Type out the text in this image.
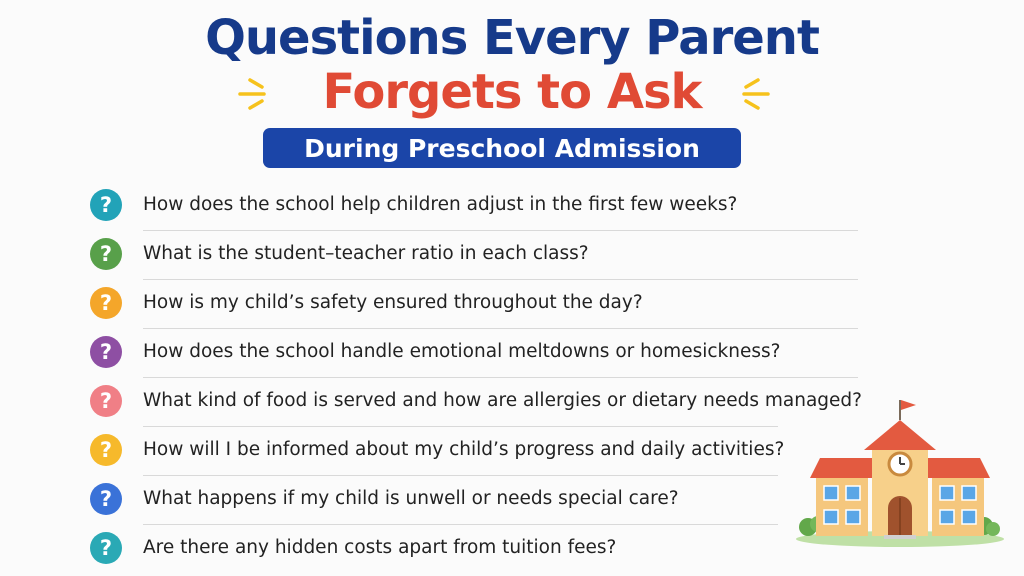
Questions Every Parent
Forgets to Ask
During Preschool Admission
?	How does the school help children adjust in the first few weeks?
?	What is the student–teacher ratio in each class?
?	How is my child’s safety ensured throughout the day?
?	How does the school handle emotional meltdowns or homesickness?
?	What kind of food is served and how are allergies or dietary needs managed?
?	How will I be informed about my child’s progress and daily activities?
?	What happens if my child is unwell or needs special care?
?	Are there any hidden costs apart from tuition fees?
